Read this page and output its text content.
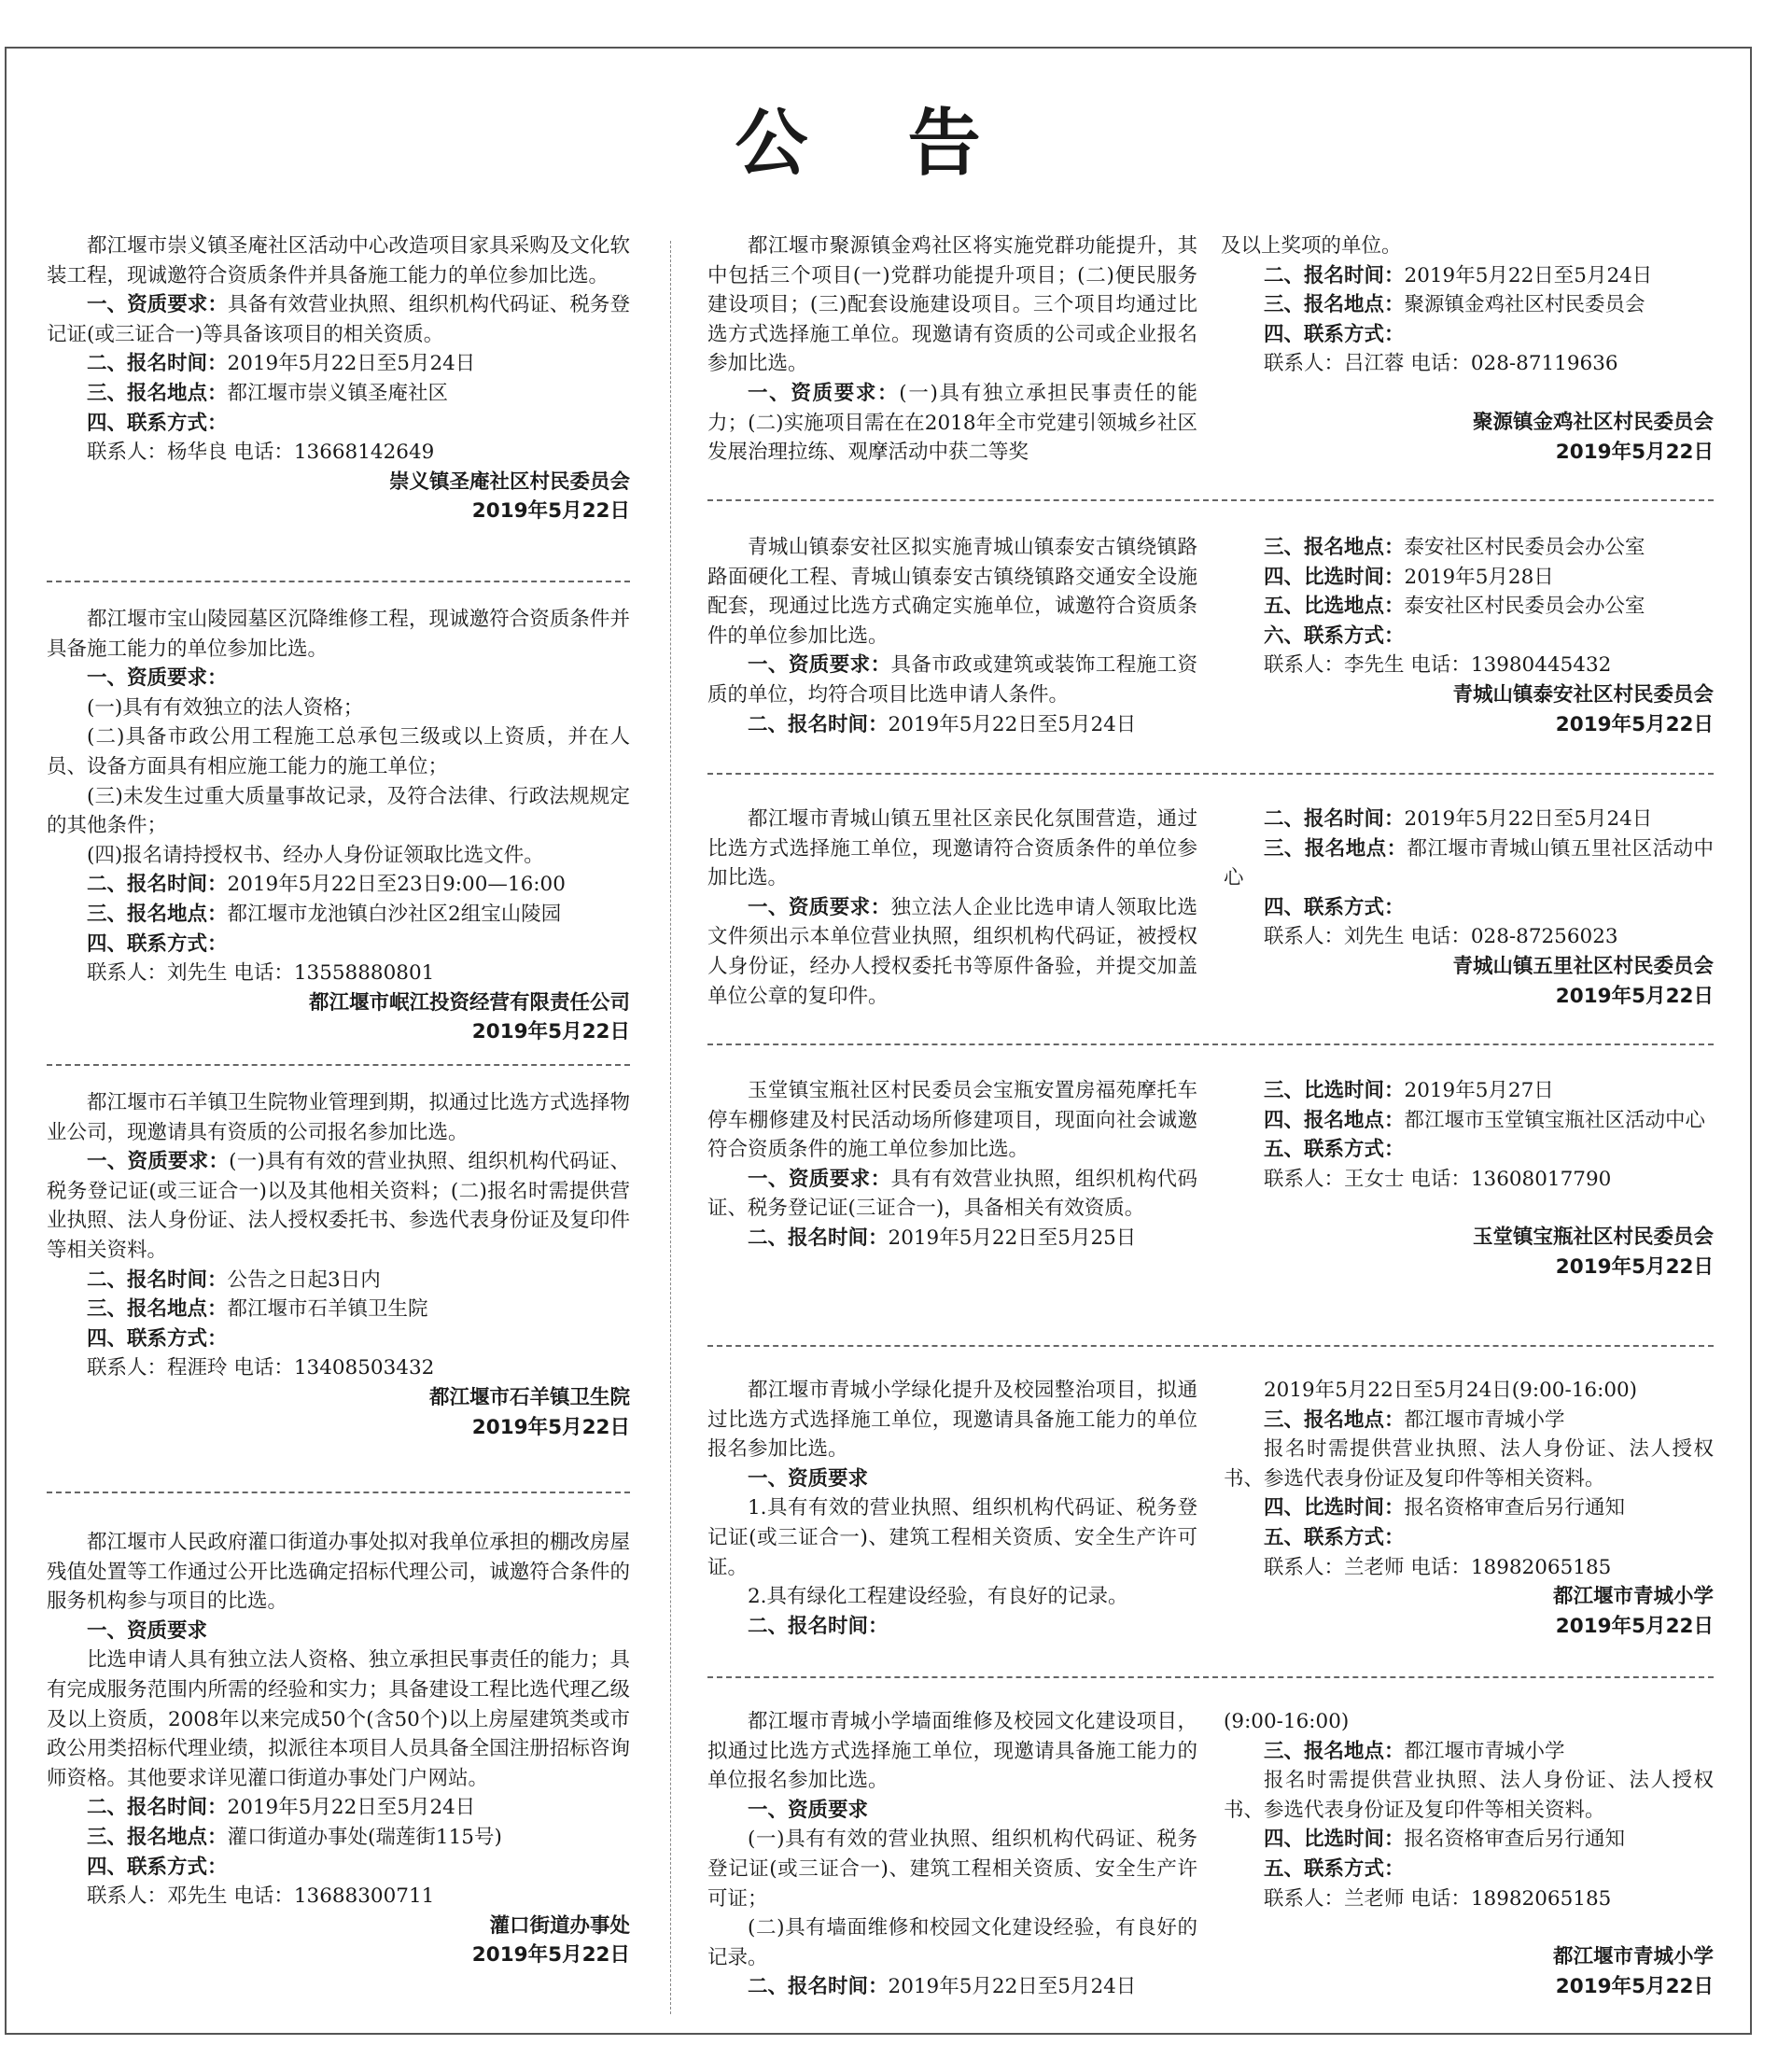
公 告

都江堰市崇义镇圣庵社区活动中心改造项目家具采购及文化软装工程，现诚邀符合资质条件并具备施工能力的单位参加比选。

一、资质要求：具备有效营业执照、组织机构代码证、税务登记证(或三证合一)等具备该项目的相关资质。

二、报名时间：2019年5月22日至5月24日

三、报名地点：都江堰市崇义镇圣庵社区

四、联系方式：

联系人：杨华良 电话：13668142649

崇义镇圣庵社区村民委员会

2019年5月22日

都江堰市宝山陵园墓区沉降维修工程，现诚邀符合资质条件并具备施工能力的单位参加比选。

一、资质要求：

(一)具有有效独立的法人资格；

(二)具备市政公用工程施工总承包三级或以上资质，并在人员、设备方面具有相应施工能力的施工单位；

(三)未发生过重大质量事故记录，及符合法律、行政法规规定的其他条件；

(四)报名请持授权书、经办人身份证领取比选文件。

二、报名时间：2019年5月22日至23日9:00—16:00

三、报名地点：都江堰市龙池镇白沙社区2组宝山陵园

四、联系方式：

联系人：刘先生 电话：13558880801

都江堰市岷江投资经营有限责任公司

2019年5月22日

都江堰市石羊镇卫生院物业管理到期，拟通过比选方式选择物业公司，现邀请具有资质的公司报名参加比选。

一、资质要求：(一)具有有效的营业执照、组织机构代码证、税务登记证(或三证合一)以及其他相关资料；(二)报名时需提供营业执照、法人身份证、法人授权委托书、参选代表身份证及复印件等相关资料。

二、报名时间：公告之日起3日内

三、报名地点：都江堰市石羊镇卫生院

四、联系方式：

联系人：程涯玲 电话：13408503432

都江堰市石羊镇卫生院

2019年5月22日

都江堰市人民政府灌口街道办事处拟对我单位承担的棚改房屋残值处置等工作通过公开比选确定招标代理公司，诚邀符合条件的服务机构参与项目的比选。

一、资质要求

比选申请人具有独立法人资格、独立承担民事责任的能力；具有完成服务范围内所需的经验和实力；具备建设工程比选代理乙级及以上资质，2008年以来完成50个(含50个)以上房屋建筑类或市政公用类招标代理业绩，拟派往本项目人员具备全国注册招标咨询师资格。其他要求详见灌口街道办事处门户网站。

二、报名时间：2019年5月22日至5月24日

三、报名地点：灌口街道办事处(瑞莲街115号)

四、联系方式：

联系人：邓先生 电话：13688300711

灌口街道办事处

2019年5月22日

都江堰市聚源镇金鸡社区将实施党群功能提升，其中包括三个项目(一)党群功能提升项目；(二)便民服务建设项目；(三)配套设施建设项目。三个项目均通过比选方式选择施工单位。现邀请有资质的公司或企业报名参加比选。

一、资质要求：(一)具有独立承担民事责任的能力；(二)实施项目需在在2018年全市党建引领城乡社区发展治理拉练、观摩活动中获二等奖

及以上奖项的单位。

二、报名时间：2019年5月22日至5月24日

三、报名地点：聚源镇金鸡社区村民委员会

四、联系方式：

联系人：吕江蓉 电话：028-87119636

聚源镇金鸡社区村民委员会

2019年5月22日

青城山镇泰安社区拟实施青城山镇泰安古镇绕镇路路面硬化工程、青城山镇泰安古镇绕镇路交通安全设施配套，现通过比选方式确定实施单位，诚邀符合资质条件的单位参加比选。

一、资质要求：具备市政或建筑或装饰工程施工资质的单位，均符合项目比选申请人条件。

二、报名时间：2019年5月22日至5月24日

三、报名地点：泰安社区村民委员会办公室

四、比选时间：2019年5月28日

五、比选地点：泰安社区村民委员会办公室

六、联系方式：

联系人：李先生 电话：13980445432

青城山镇泰安社区村民委员会

2019年5月22日

都江堰市青城山镇五里社区亲民化氛围营造，通过比选方式选择施工单位，现邀请符合资质条件的单位参加比选。

一、资质要求：独立法人企业比选申请人领取比选文件须出示本单位营业执照，组织机构代码证，被授权人身份证，经办人授权委托书等原件备验，并提交加盖单位公章的复印件。

二、报名时间：2019年5月22日至5月24日

三、报名地点：都江堰市青城山镇五里社区活动中心

四、联系方式：

联系人：刘先生 电话：028-87256023

青城山镇五里社区村民委员会

2019年5月22日

玉堂镇宝瓶社区村民委员会宝瓶安置房福苑摩托车停车棚修建及村民活动场所修建项目，现面向社会诚邀符合资质条件的施工单位参加比选。

一、资质要求：具有有效营业执照，组织机构代码证、税务登记证(三证合一)，具备相关有效资质。

二、报名时间：2019年5月22日至5月25日

三、比选时间：2019年5月27日

四、报名地点：都江堰市玉堂镇宝瓶社区活动中心

五、联系方式：

联系人：王女士 电话：13608017790

玉堂镇宝瓶社区村民委员会

2019年5月22日

都江堰市青城小学绿化提升及校园整治项目，拟通过比选方式选择施工单位，现邀请具备施工能力的单位报名参加比选。

一、资质要求

1.具有有效的营业执照、组织机构代码证、税务登记证(或三证合一)、建筑工程相关资质、安全生产许可证。

2.具有绿化工程建设经验，有良好的记录。

二、报名时间：

2019年5月22日至5月24日(9:00-16:00)

三、报名地点：都江堰市青城小学

报名时需提供营业执照、法人身份证、法人授权书、参选代表身份证及复印件等相关资料。

四、比选时间：报名资格审查后另行通知

五、联系方式：

联系人：兰老师 电话：18982065185

都江堰市青城小学

2019年5月22日

都江堰市青城小学墙面维修及校园文化建设项目，拟通过比选方式选择施工单位，现邀请具备施工能力的单位报名参加比选。

一、资质要求

(一)具有有效的营业执照、组织机构代码证、税务登记证(或三证合一)、建筑工程相关资质、安全生产许可证；

(二)具有墙面维修和校园文化建设经验，有良好的记录。

二、报名时间：2019年5月22日至5月24日

(9:00-16:00)

三、报名地点：都江堰市青城小学

报名时需提供营业执照、法人身份证、法人授权书、参选代表身份证及复印件等相关资料。

四、比选时间：报名资格审查后另行通知

五、联系方式：

联系人：兰老师 电话：18982065185

都江堰市青城小学

2019年5月22日
